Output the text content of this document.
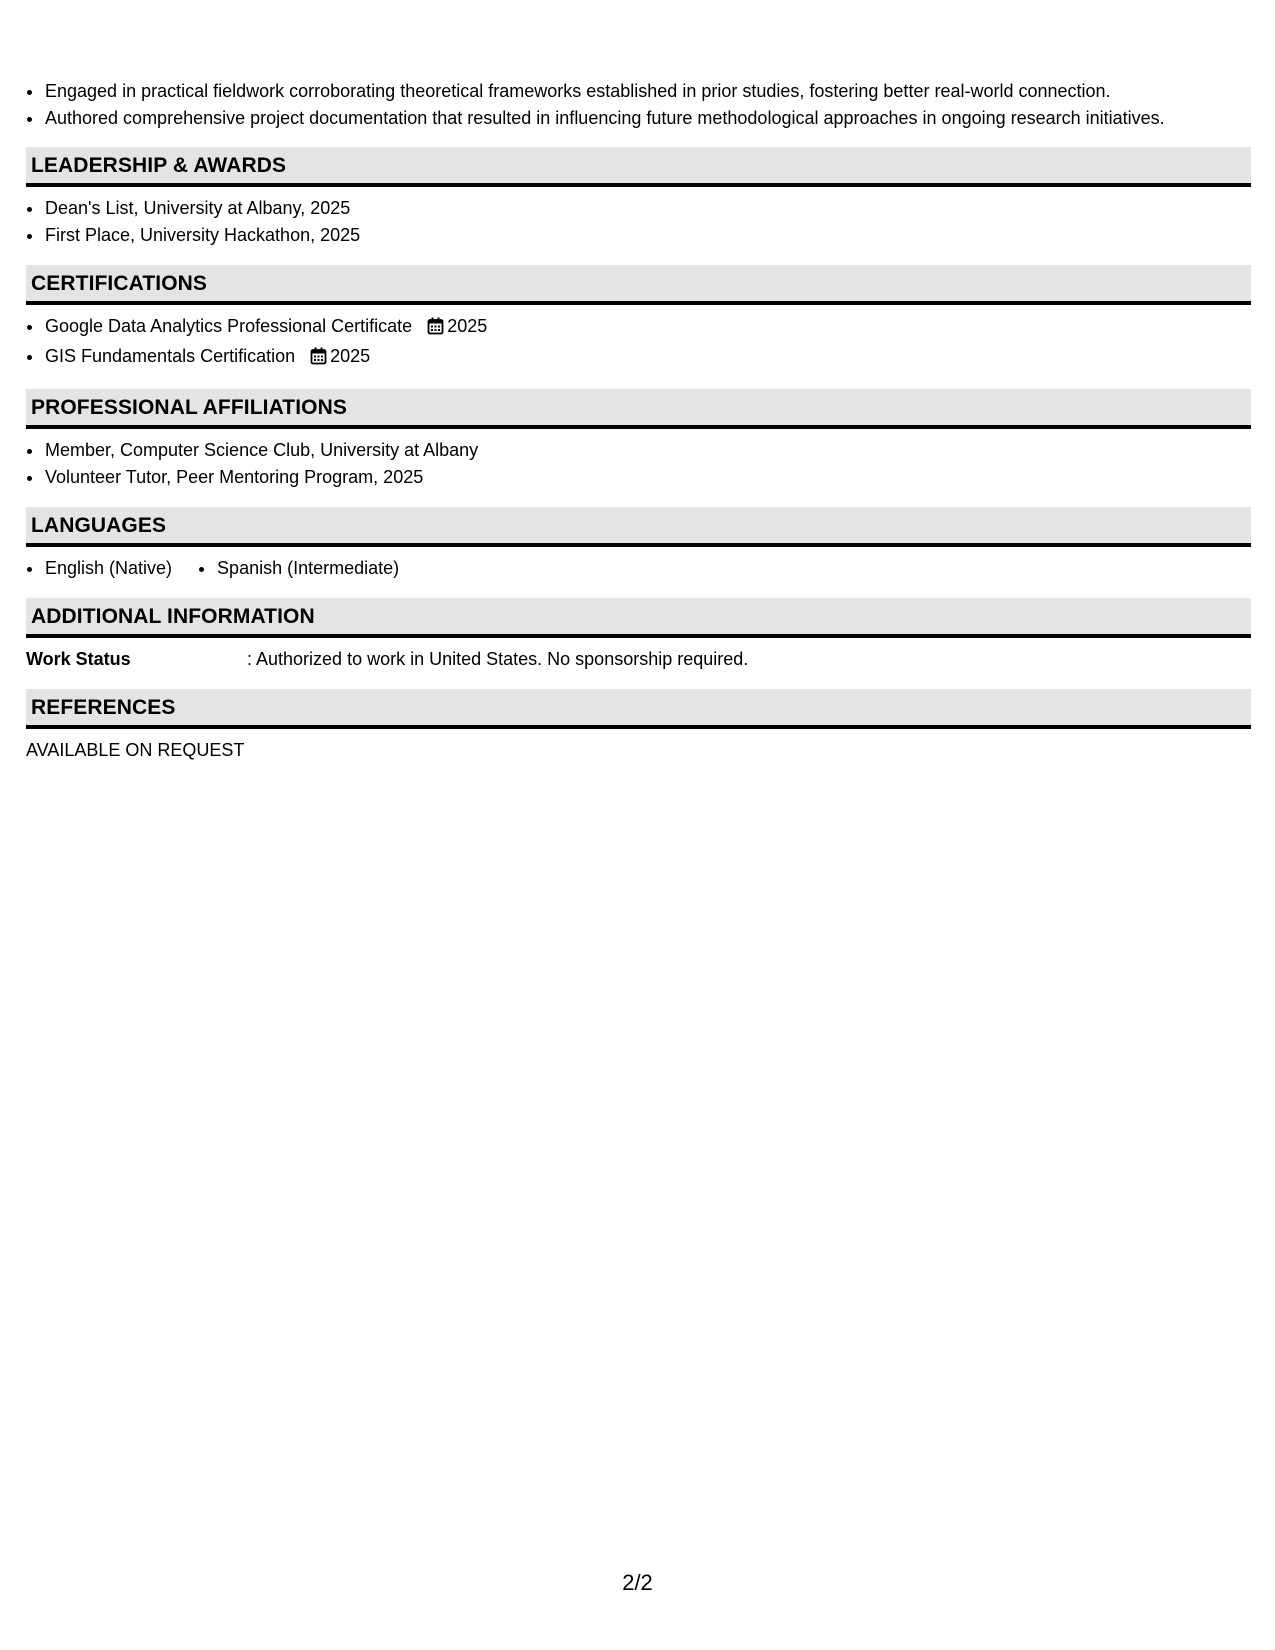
• Engaged in practical fieldwork corroborating theoretical frameworks established in prior studies, fostering better real-world connection.
• Authored comprehensive project documentation that resulted in influencing future methodological approaches in ongoing research initiatives.
LEADERSHIP & AWARDS
• Dean's List, University at Albany, 2025
• First Place, University Hackathon, 2025
CERTIFICATIONS
• Google Data Analytics Professional Certificate 2025
• GIS Fundamentals Certification 2025
PROFESSIONAL AFFILIATIONS
• Member, Computer Science Club, University at Albany
• Volunteer Tutor, Peer Mentoring Program, 2025
LANGUAGES
• English (Native)
•	Spanish (Intermediate)
ADDITIONAL INFORMATION
Work Status	: Authorized to work in United States. No sponsorship required.
REFERENCES
AVAILABLE ON REQUEST
2/2
